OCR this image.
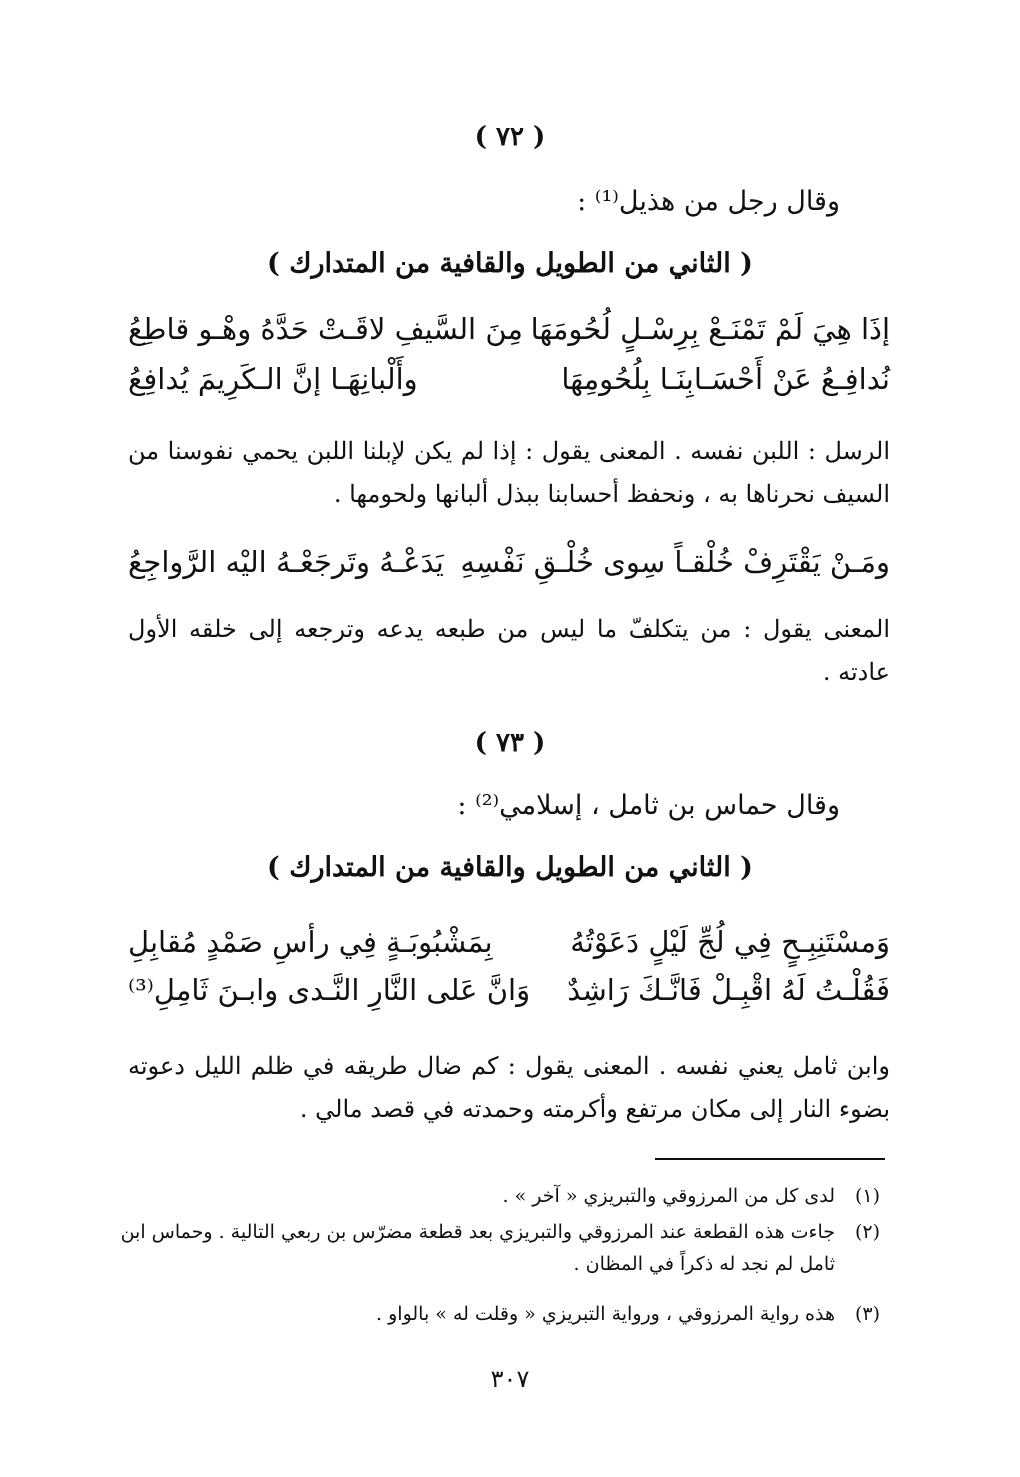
( ٧٢ )
وقال رجل من هذيل⁽¹⁾ :
( الثاني من الطويل والقافية من المتدارك )
إذَا هِيَ لَمْ تَمْنَـعْ بِرِسْـلٍ لُحُومَهَا
مِنَ السَّيفِ لاقَـتْ حَدَّهُ وهْـو قاطِعُ
نُدافِـعُ عَنْ أَحْسَـابِنَـا بِلُحُومِهَا
وأَلْبانِهَـا إنَّ الـكَرِيمَ يُدافِعُ
الرسل : اللبن نفسه . المعنى يقول : إذا لم يكن لإبلنا اللبن يحمي نفوسنا من السيف نحرناها به ، ونحفظ أحسابنا ببذل ألبانها ولحومها .
ومَـنْ يَقْتَرِفْ خُلْقـاً سِوى خُلْـقِ نَفْسِهِ
يَدَعْـهُ وتَرجَعْـهُ اليْه الرَّواجِعُ
المعنى يقول : من يتكلفّ ما ليس من طبعه يدعه وترجعه إلى خلقه الأول عادته .
( ٧٣ )
وقال حماس بن ثامل ، إسلامي⁽²⁾ :
( الثاني من الطويل والقافية من المتدارك )
وَمسْتَنِبِـحٍ فِي لُجِّ لَيْلٍ دَعَوْتُهُ
بِمَشْبُوبَـةٍ فِي رأسِ صَمْدٍ مُقابِلِ
فَقُلْـتُ لَهُ اقْبِـلْ فَانَّـكَ رَاشِدٌ
وَانَّ عَلى النَّارِ النَّـدى وابـنَ ثَامِلِ⁽³⁾
وابن ثامل يعني نفسه . المعنى يقول : كم ضال طريقه في ظلم الليل دعوته بضوء النار إلى مكان مرتفع وأكرمته وحمدته في قصد مالي .
(١)
لدى كل من المرزوقي والتبريزي « آخر » .
(٢)
جاءت هذه القطعة عند المرزوقي والتبريزي بعد قطعة مضرّس بن ربعي التالية . وحماس ابن ثامل لم نجد له ذكراً في المظان .
(٣)
هذه رواية المرزوقي ، ورواية التبريزي « وقلت له » بالواو .
٣٠٧
